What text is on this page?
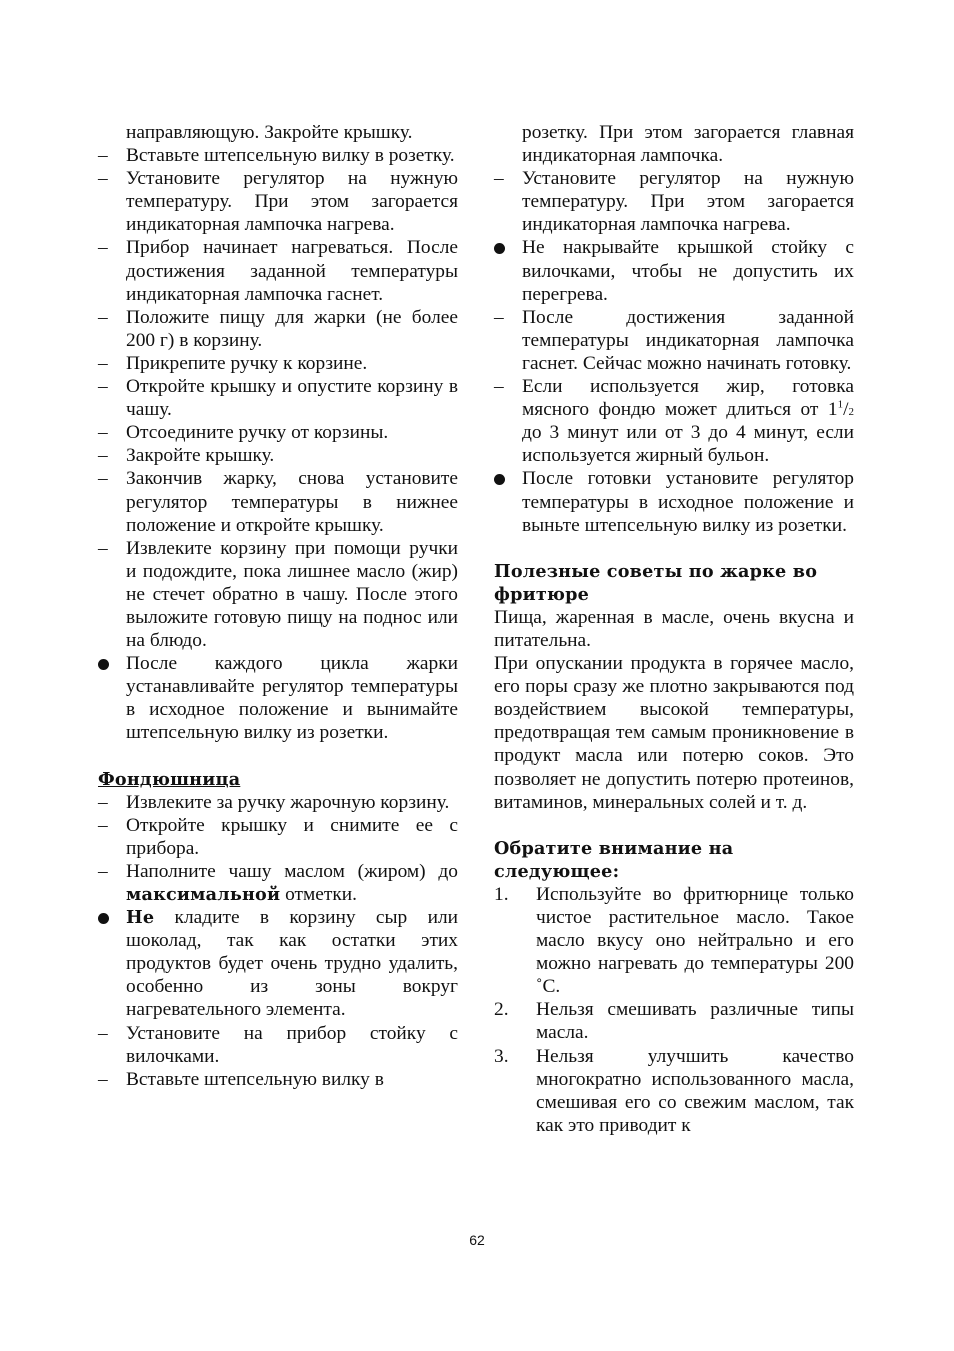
направляющую. Закройте крышку.
– Вставьте штепсельную вилку в розетку.
– Установите регулятор на нужную температуру. При этом загорается индикаторная лампочка нагрева.
– Прибор начинает нагреваться. После достижения заданной температуры индикаторная лампочка гаснет.
– Положите пищу для жарки (не более 200 г) в корзину.
– Прикрепите ручку к корзине.
– Откройте крышку и опустите корзину в чашу.
– Отсоедините ручку от корзины.
– Закройте крышку.
– Закончив жарку, снова установите регулятор температуры в нижнее положение и откройте крышку.
– Извлеките корзину при помощи ручки и подождите, пока лишнее масло (жир) не стечет обратно в чашу. После этого выложите готовую пищу на поднос или на блюдо.
После каждого цикла жарки устанавливайте регулятор температуры в исходное положение и вынимайте штепсельную вилку из розетки.
Фондюшница
– Извлеките за ручку жарочную корзину.
– Откройте крышку и снимите ее с прибора.
– Наполните чашу маслом (жиром) до максимальной отметки.
Не кладите в корзину сыр или шоколад, так как остатки этих продуктов будет очень трудно удалить, особенно из зоны вокруг нагревательного элемента.
– Установите на прибор стойку с вилочками.
– Вставьте штепсельную вилку в
розетку. При этом загорается главная индикаторная лампочка.
– Установите регулятор на нужную температуру. При этом загорается индикаторная лампочка нагрева.
Не накрывайте крышкой стойку с вилочками, чтобы не допустить их перегрева.
– После достижения заданной температуры индикаторная лампочка гаснет. Сейчас можно начинать готовку.
– Если используется жир, готовка мясного фондю может длиться от $1^1/2$ до 3 минут или от 3 до 4 минут, если используется жирный бульон.
После готовки установите регулятор температуры в исходное положение и выньте штепсельную вилку из розетки.
Полезные советы по жарке во фритюре
Пища, жаренная в масле, очень вкусна и питательна.
При опускании продукта в горячее масло, его поры сразу же плотно закрываются под воздействием высокой температуры, предотвращая тем самым проникновение в продукт масла или потерю соков. Это позволяет не допустить потерю протеинов, витаминов, минеральных солей и т. д.
Обратите внимание на следующее:
1.	Используйте во фритюрнице только чистое растительное масло. Такое масло вкусу оно нейтрально и его можно нагревать до температуры 200 ˚C.
2.	Нельзя смешивать различные типы масла.
3.	Нельзя улучшить качество многократно использованного масла, смешивая его со свежим маслом, так как это приводит к
62
